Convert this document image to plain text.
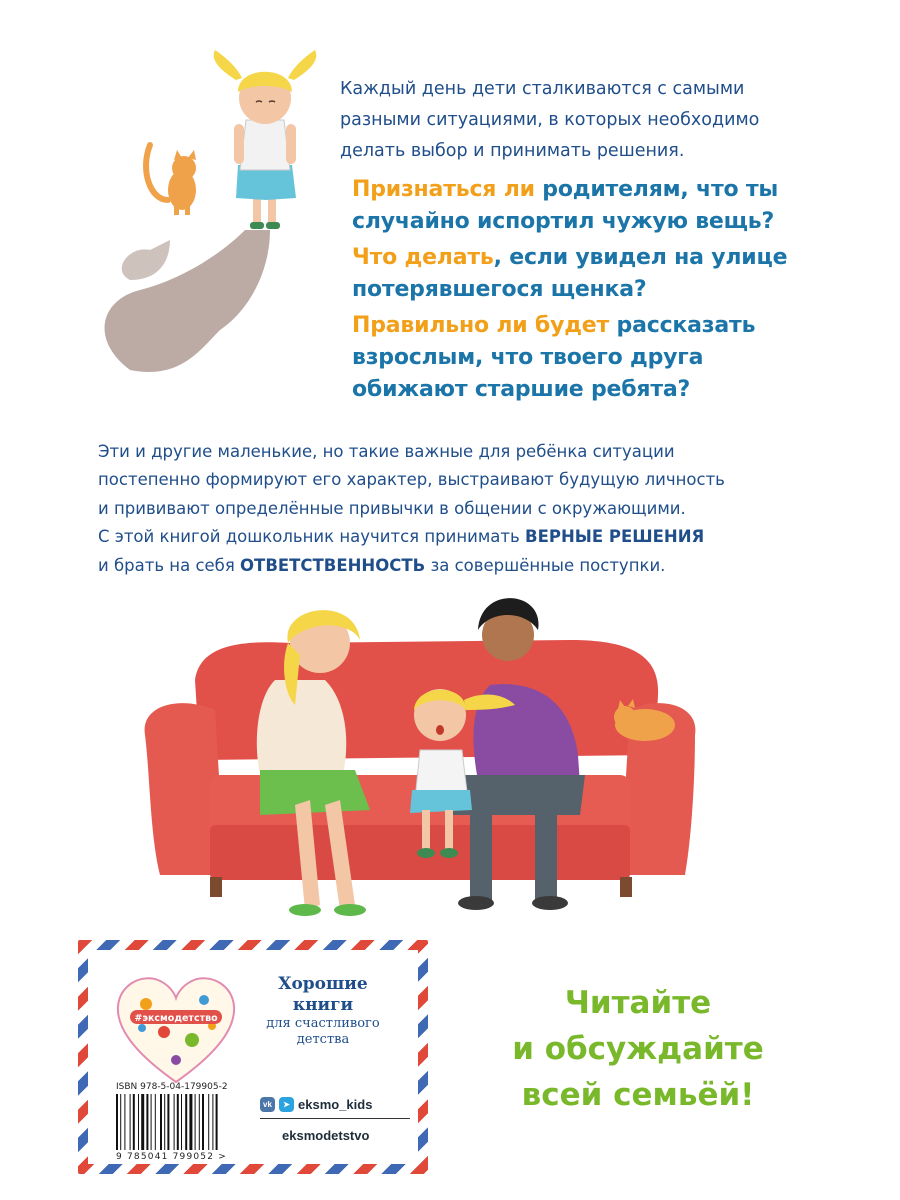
Каждый день дети сталкиваются с самыми разными ситуациями, в которых необходимо делать выбор и принимать решения.
Признаться ли родителям, что ты
случайно испортил чужую вещь?
Что делать, если увидел на улице
потерявшегося щенка?
Правильно ли будет рассказать
взрослым, что твоего друга
обижают старшие ребята?
Эти и другие маленькие, но такие важные для ребёнка ситуации
постепенно формируют его характер, выстраивают будущую личность
и прививают определённые привычки в общении с окружающими.
С этой книгой дошкольник научится принимать ВЕРНЫЕ РЕШЕНИЯ
и брать на себя ОТВЕТСТВЕННОСТЬ за совершённые поступки.
#эксмодетство
Хорошие
книги
для счастливого
детства
ISBN 978-5-04-179905-2
9 785041 799052 >
vk	➤ eksmo_kids
eksmodetstvo
Читайте
и обсуждайте
всей семьёй!
